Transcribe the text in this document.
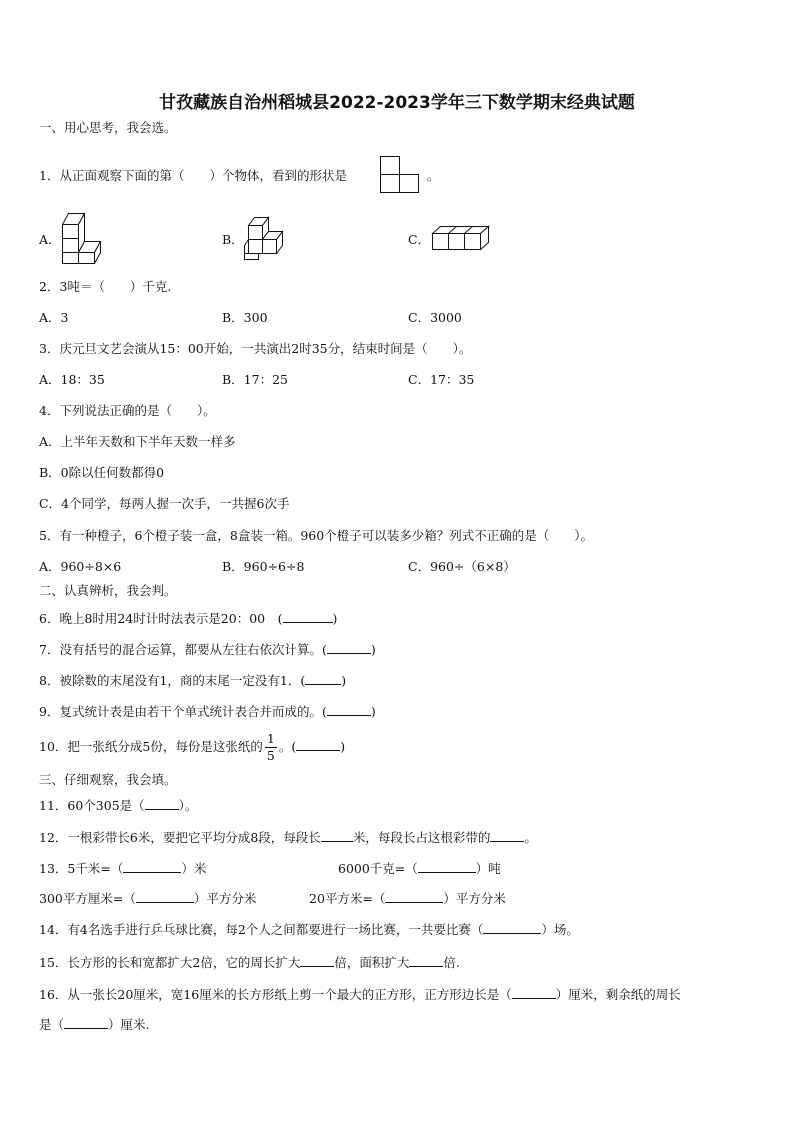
甘孜藏族自治州稻城县2022-2023学年三下数学期末经典试题
一、用心思考，我会选。
1．从正面观察下面的第（　　）个物体，看到的形状是	。
A．	B．	C．
2．3吨＝（　　）千克.
A．3	B．300	C．3000
3．庆元旦文艺会演从15：00开始，一共演出2时35分，结束时间是（　　）。
A．18：35	B．17：25	C．17：35
4．下列说法正确的是（　　）。
A．上半年天数和下半年天数一样多
B．0除以任何数都得0
C．4个同学，每两人握一次手，一共握6次手
5．有一种橙子，6个橙子装一盒，8盒装一箱。960个橙子可以装多少箱？列式不正确的是（　　）。
A．960÷8×6	B．960÷6÷8	C．960÷（6×8）
二、认真辨析，我会判。
6．晚上8时用24时计时法表示是20：00　(	)
7．没有括号的混合运算，都要从左往右依次计算。(	)
8．被除数的末尾没有1，商的末尾一定没有1．(	)
9．复式统计表是由若干个单式统计表合并而成的。(	)
10．把一张纸分成5份，每份是这张纸的 $\frac{1}{5}$ 。(	)
三、仔细观察，我会填。
11．60个305是（	）。
12．一根彩带长6米，要把它平均分成8段，每段长	米，每段长占这根彩带的	。
13．5千米=（	）米	6000千克=（	）吨
300平方厘米=（	）平方分米	20平方米=（	）平方分米
14．有4名选手进行乒乓球比赛，每2个人之间都要进行一场比赛，一共要比赛（	）场。
15．长方形的长和宽都扩大2倍，它的周长扩大	倍，面积扩大	倍.
16．从一张长20厘米，宽16厘米的长方形纸上剪一个最大的正方形，正方形边长是（	）厘米，剩余纸的周长
是（	）厘米.
